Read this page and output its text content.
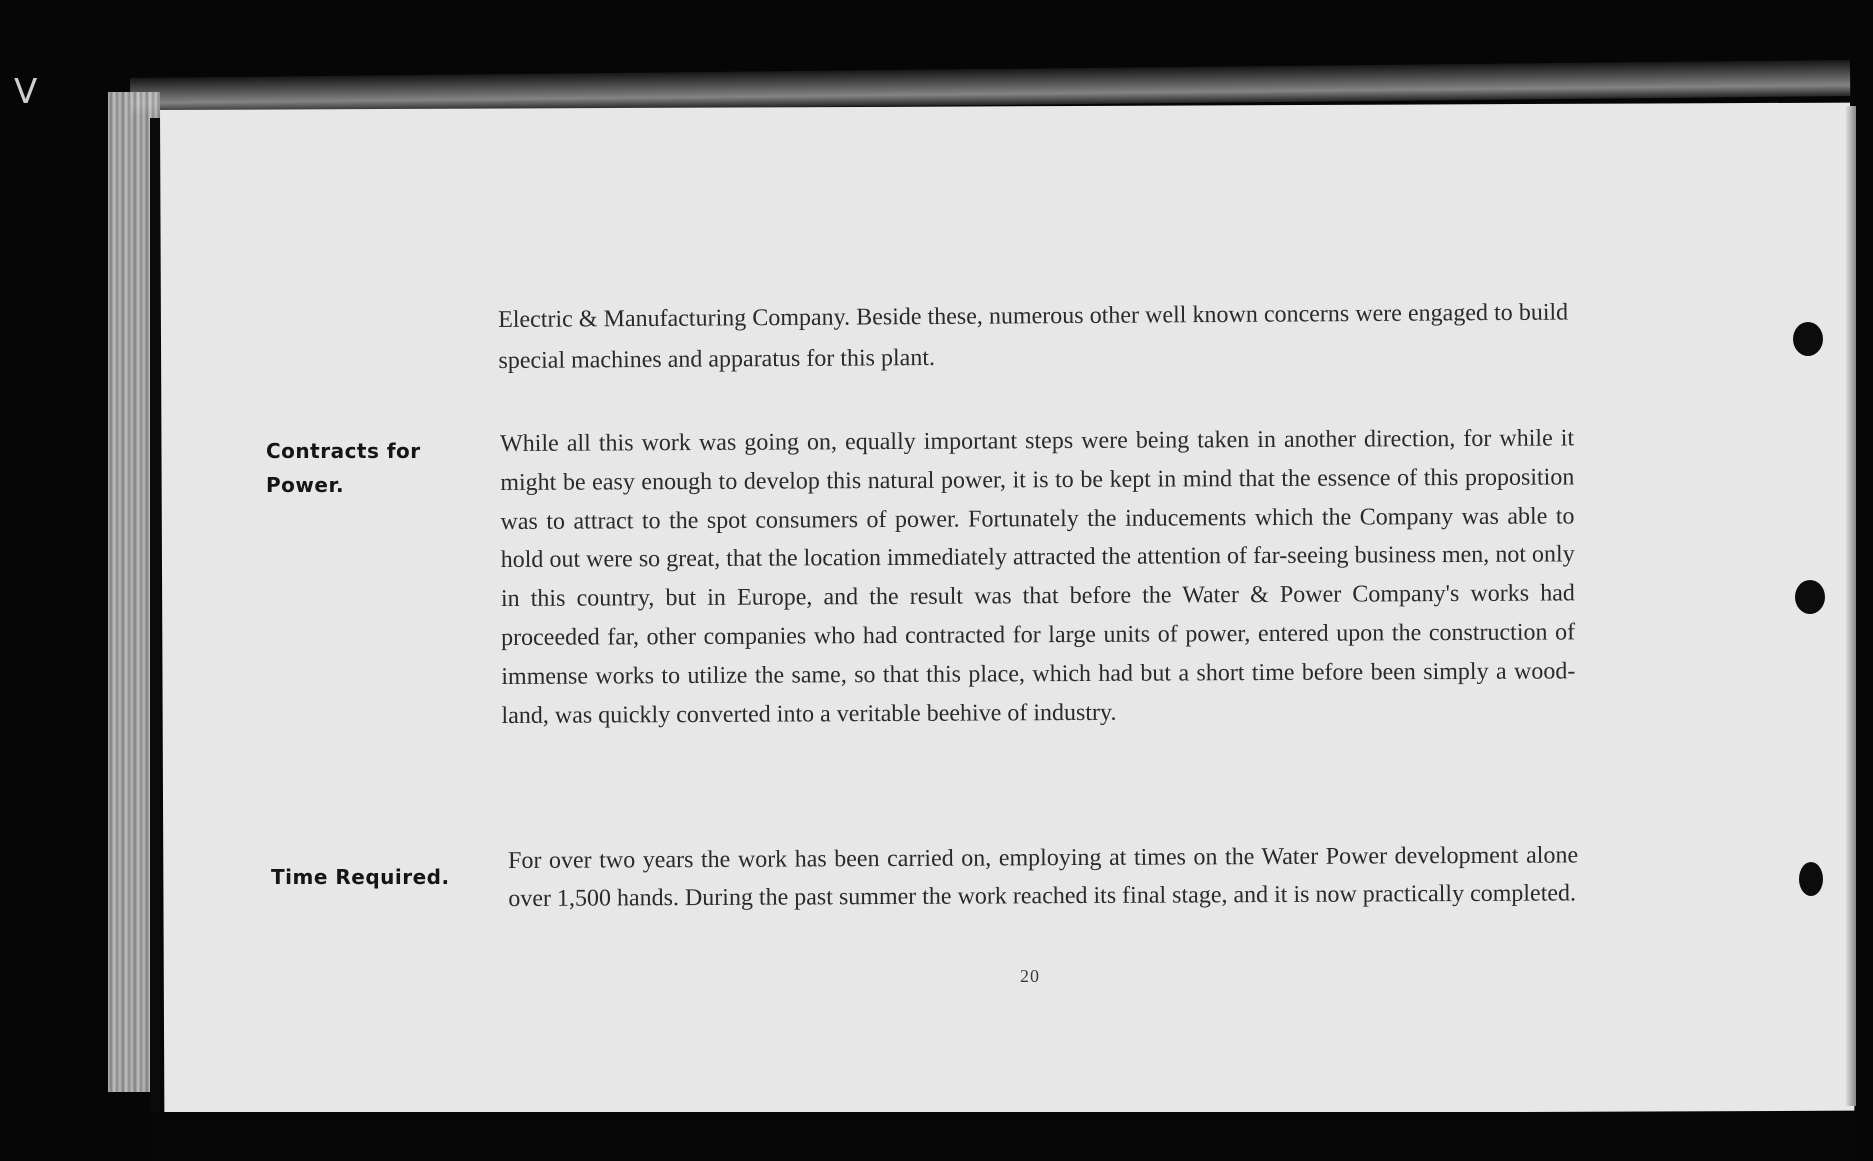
ᐯ
Electric & Manufacturing Company. Beside these, numerous other well known concerns were engaged to build special machines and apparatus for this plant.
Contracts for Power.
While all this work was going on, equally important steps were being taken in another direction, for while it might be easy enough to develop this natural power, it is to be kept in mind that the essence of this proposition was to attract to the spot consumers of power. Fortunately the inducements which the Company was able to hold out were so great, that the location immediately attracted the attention of far-seeing business men, not only in this country, but in Europe, and the result was that before the Water & Power Company's works had proceeded far, other companies who had contracted for large units of power, entered upon the construction of immense works to utilize the same, so that this place, which had but a short time before been simply a wood-land, was quickly converted into a veritable beehive of industry.
Time Required.
For over two years the work has been carried on, employing at times on the Water Power development alone over 1,500 hands. During the past summer the work reached its final stage, and it is now practically completed.
20
